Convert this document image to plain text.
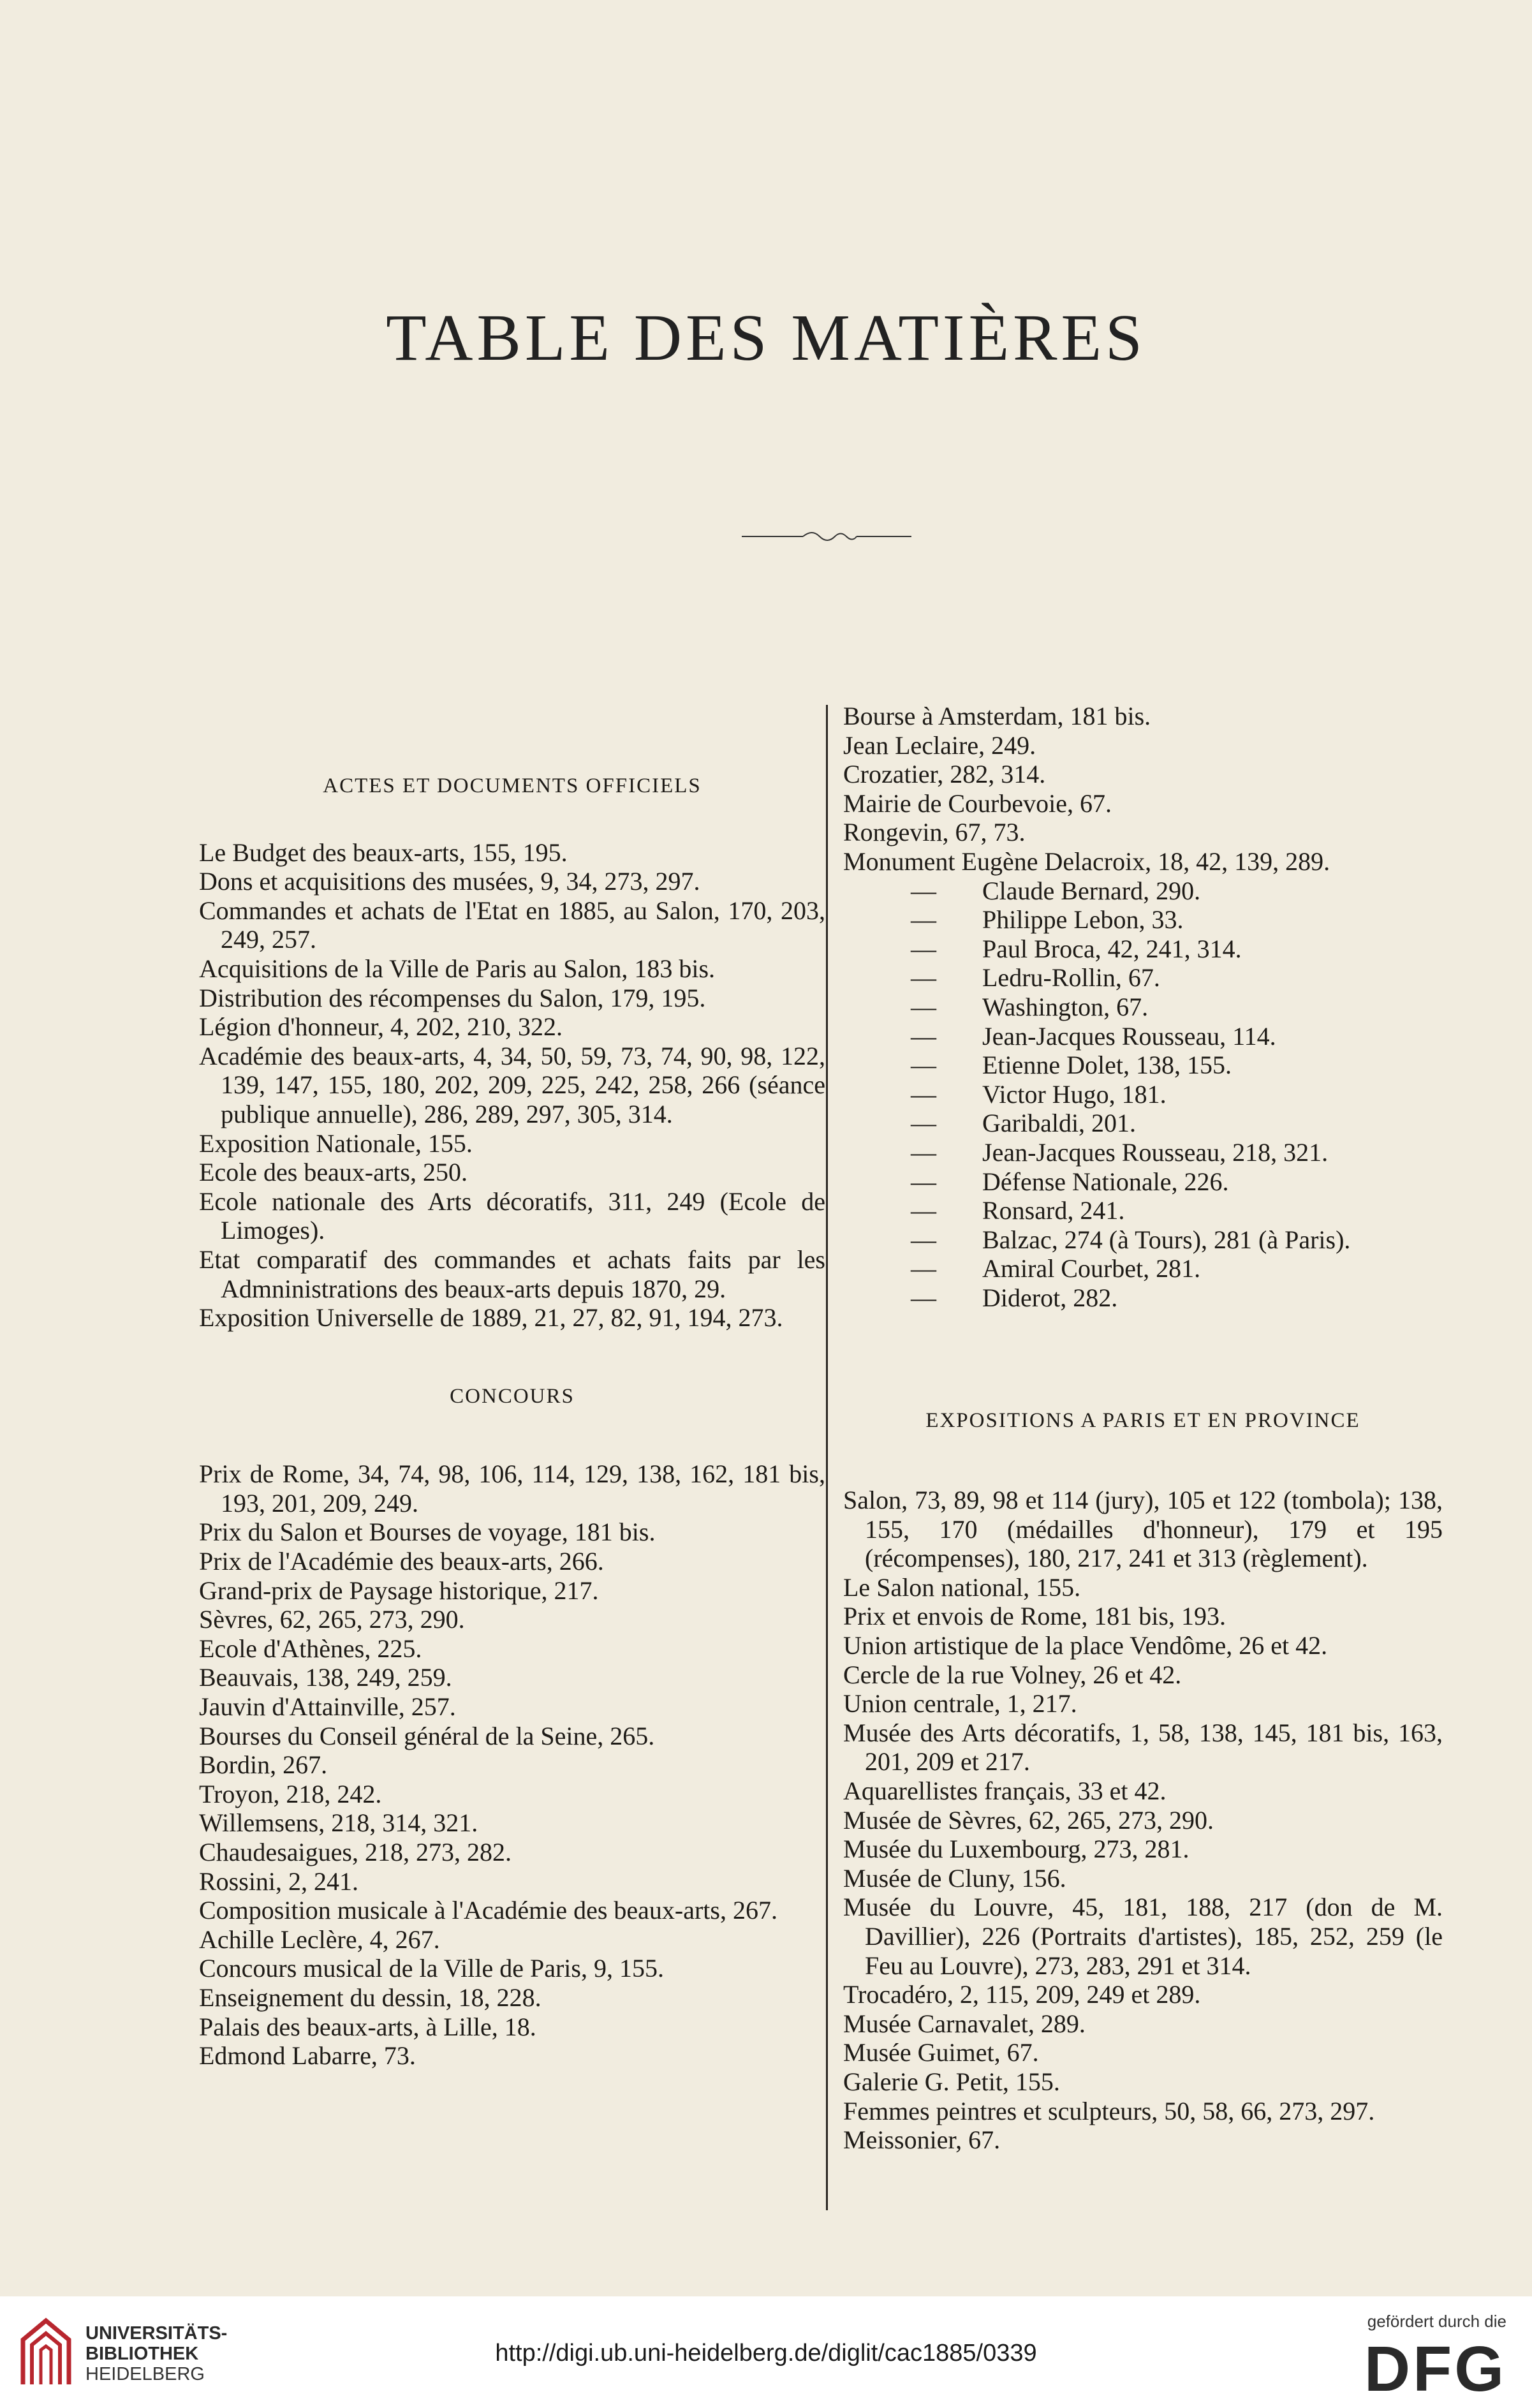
TABLE DES MATIÈRES

ACTES ET DOCUMENTS OFFICIELS

Le Budget des beaux-arts, 155, 195.

Dons et acquisitions des musées, 9, 34, 273, 297.

Commandes et achats de l'Etat en 1885, au Salon, 170, 203, 249, 257.

Acquisitions de la Ville de Paris au Salon, 183 bis.

Distribution des récompenses du Salon, 179, 195.

Légion d'honneur, 4, 202, 210, 322.

Académie des beaux-arts, 4, 34, 50, 59, 73, 74, 90, 98, 122, 139, 147, 155, 180, 202, 209, 225, 242, 258, 266 (séance publique annuelle), 286, 289, 297, 305, 314.

Exposition Nationale, 155.

Ecole des beaux-arts, 250.

Ecole nationale des Arts décoratifs, 311, 249 (Ecole de Limoges).

Etat comparatif des commandes et achats faits par les Admninistrations des beaux-arts depuis 1870, 29.

Exposition Universelle de 1889, 21, 27, 82, 91, 194, 273.

CONCOURS

Prix de Rome, 34, 74, 98, 106, 114, 129, 138, 162, 181 bis, 193, 201, 209, 249.

Prix du Salon et Bourses de voyage, 181 bis.

Prix de l'Académie des beaux-arts, 266.

Grand-prix de Paysage historique, 217.

Sèvres, 62, 265, 273, 290.

Ecole d'Athènes, 225.

Beauvais, 138, 249, 259.

Jauvin d'Attainville, 257.

Bourses du Conseil général de la Seine, 265.

Bordin, 267.

Troyon, 218, 242.

Willemsens, 218, 314, 321.

Chaudesaigues, 218, 273, 282.

Rossini, 2, 241.

Composition musicale à l'Académie des beaux-arts, 267.

Achille Leclère, 4, 267.

Concours musical de la Ville de Paris, 9, 155.

Enseignement du dessin, 18, 228.

Palais des beaux-arts, à Lille, 18.

Edmond Labarre, 73.

Bourse à Amsterdam, 181 bis.

Jean Leclaire, 249.

Crozatier, 282, 314.

Mairie de Courbevoie, 67.

Rongevin, 67, 73.

Monument Eugène Delacroix, 18, 42, 139, 289.

—	Claude Bernard, 290.
—	Philippe Lebon, 33.
—	Paul Broca, 42, 241, 314.
—	Ledru-Rollin, 67.
—	Washington, 67.
—	Jean-Jacques Rousseau, 114.
—	Etienne Dolet, 138, 155.
—	Victor Hugo, 181.
—	Garibaldi, 201.
—	Jean-Jacques Rousseau, 218, 321.
—	Défense Nationale, 226.
—	Ronsard, 241.
—	Balzac, 274 (à Tours), 281 (à Paris).
—	Amiral Courbet, 281.
—	Diderot, 282.

EXPOSITIONS A PARIS ET EN PROVINCE

Salon, 73, 89, 98 et 114 (jury), 105 et 122 (tombola); 138, 155, 170 (médailles d'honneur), 179 et 195 (récompenses), 180, 217, 241 et 313 (règlement).

Le Salon national, 155.

Prix et envois de Rome, 181 bis, 193.

Union artistique de la place Vendôme, 26 et 42.

Cercle de la rue Volney, 26 et 42.

Union centrale, 1, 217.

Musée des Arts décoratifs, 1, 58, 138, 145, 181 bis, 163, 201, 209 et 217.

Aquarellistes français, 33 et 42.

Musée de Sèvres, 62, 265, 273, 290.

Musée du Luxembourg, 273, 281.

Musée de Cluny, 156.

Musée du Louvre, 45, 181, 188, 217 (don de M. Davillier), 226 (Portraits d'artistes), 185, 252, 259 (le Feu au Louvre), 273, 283, 291 et 314.

Trocadéro, 2, 115, 209, 249 et 289.

Musée Carnavalet, 289.

Musée Guimet, 67.

Galerie G. Petit, 155.

Femmes peintres et sculpteurs, 50, 58, 66, 273, 297.

Meissonier, 67.

UNIVERSITÄTS-
BIBLIOTHEK
HEIDELBERG
http://digi.ub.uni-heidelberg.de/diglit/cac1885/0339
gefördert durch die
DFG
